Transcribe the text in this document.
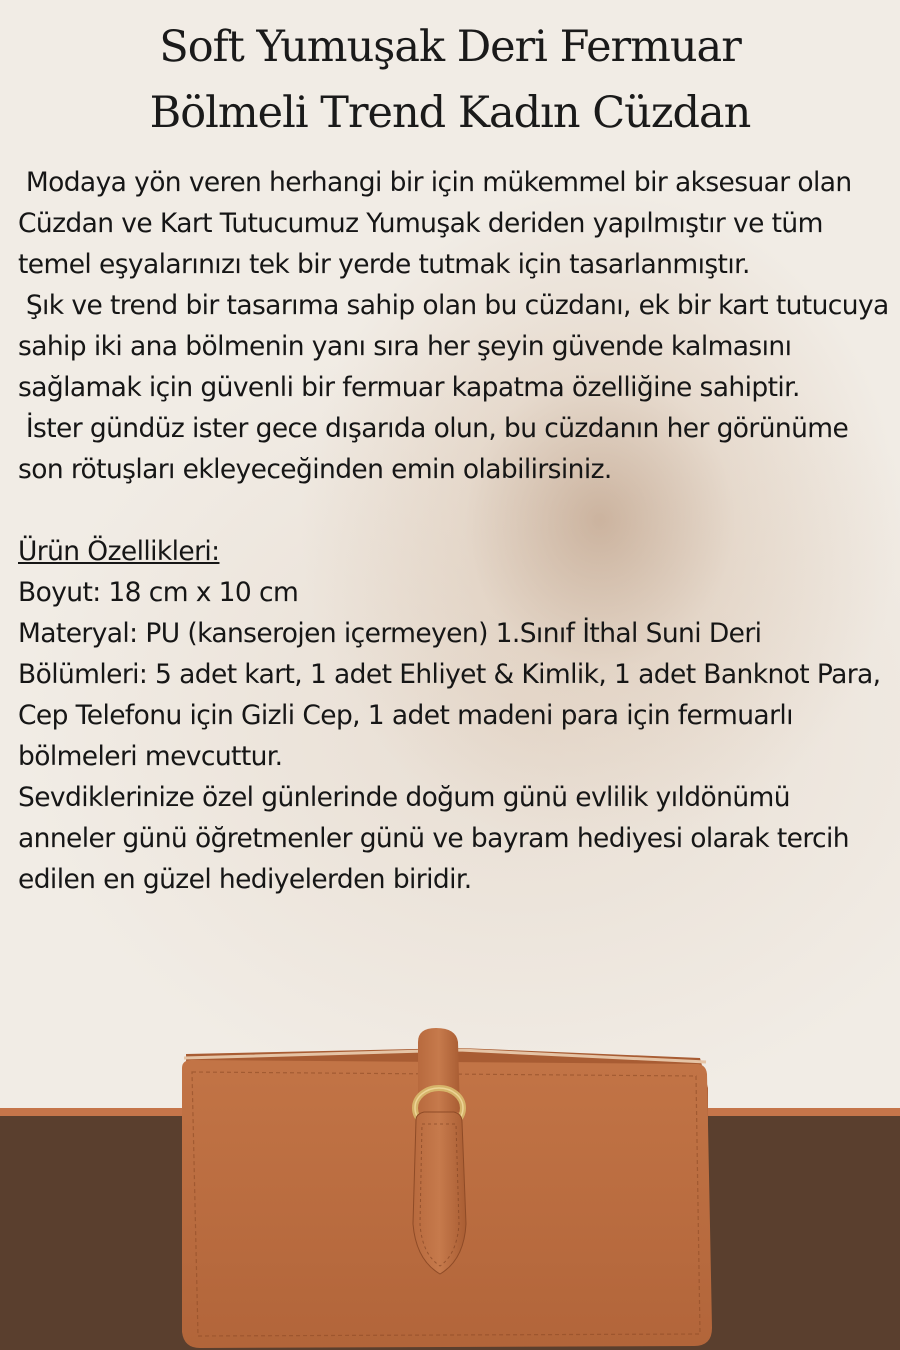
Soft Yumuşak Deri Fermuar
Bölmeli Trend Kadın Cüzdan

Modaya yön veren herhangi bir için mükemmel bir aksesuar olan Cüzdan ve Kart Tutucumuz Yumuşak deriden yapılmıştır ve tüm temel eşyalarınızı tek bir yerde tutmak için tasarlanmıştır.

Şık ve trend bir tasarıma sahip olan bu cüzdanı, ek bir kart tutucuya sahip iki ana bölmenin yanı sıra her şeyin güvende kalmasını sağlamak için güvenli bir fermuar kapatma özelliğine sahiptir.

İster gündüz ister gece dışarıda olun, bu cüzdanın her görünüme son rötuşları ekleyeceğinden emin olabilirsiniz.

Ürün Özellikleri:

Boyut: 18 cm x 10 cm

Materyal: PU (kanserojen içermeyen) 1.Sınıf İthal Suni Deri

Bölümleri: 5 adet kart, 1 adet Ehliyet & Kimlik, 1 adet Banknot Para, Cep Telefonu için Gizli Cep, 1 adet madeni para için fermuarlı bölmeleri mevcuttur.

Sevdiklerinize özel günlerinde doğum günü evlilik yıldönümü anneler günü öğretmenler günü ve bayram hediyesi olarak tercih edilen en güzel hediyelerden biridir.
